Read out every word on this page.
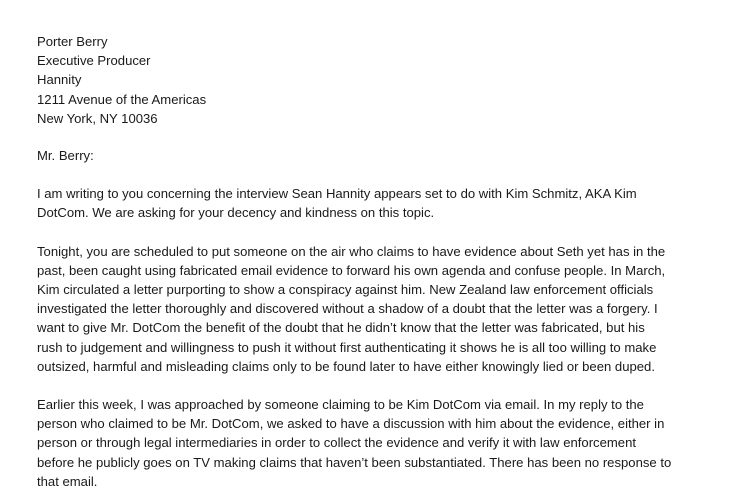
Porter Berry
Executive Producer
Hannity
1211 Avenue of the Americas
New York, NY 10036
Mr. Berry:
I am writing to you concerning the interview Sean Hannity appears set to do with Kim Schmitz, AKA Kim
DotCom. We are asking for your decency and kindness on this topic.
Tonight, you are scheduled to put someone on the air who claims to have evidence about Seth yet has in the
past, been caught using fabricated email evidence to forward his own agenda and confuse people. In March,
Kim circulated a letter purporting to show a conspiracy against him. New Zealand law enforcement officials
investigated the letter thoroughly and discovered without a shadow of a doubt that the letter was a forgery. I
want to give Mr. DotCom the benefit of the doubt that he didn’t know that the letter was fabricated, but his
rush to judgement and willingness to push it without first authenticating it shows he is all too willing to make
outsized, harmful and misleading claims only to be found later to have either knowingly lied or been duped.
Earlier this week, I was approached by someone claiming to be Kim DotCom via email. In my reply to the
person who claimed to be Mr. DotCom, we asked to have a discussion with him about the evidence, either in
person or through legal intermediaries in order to collect the evidence and verify it with law enforcement
before he publicly goes on TV making claims that haven’t been substantiated. There has been no response to
that email.
